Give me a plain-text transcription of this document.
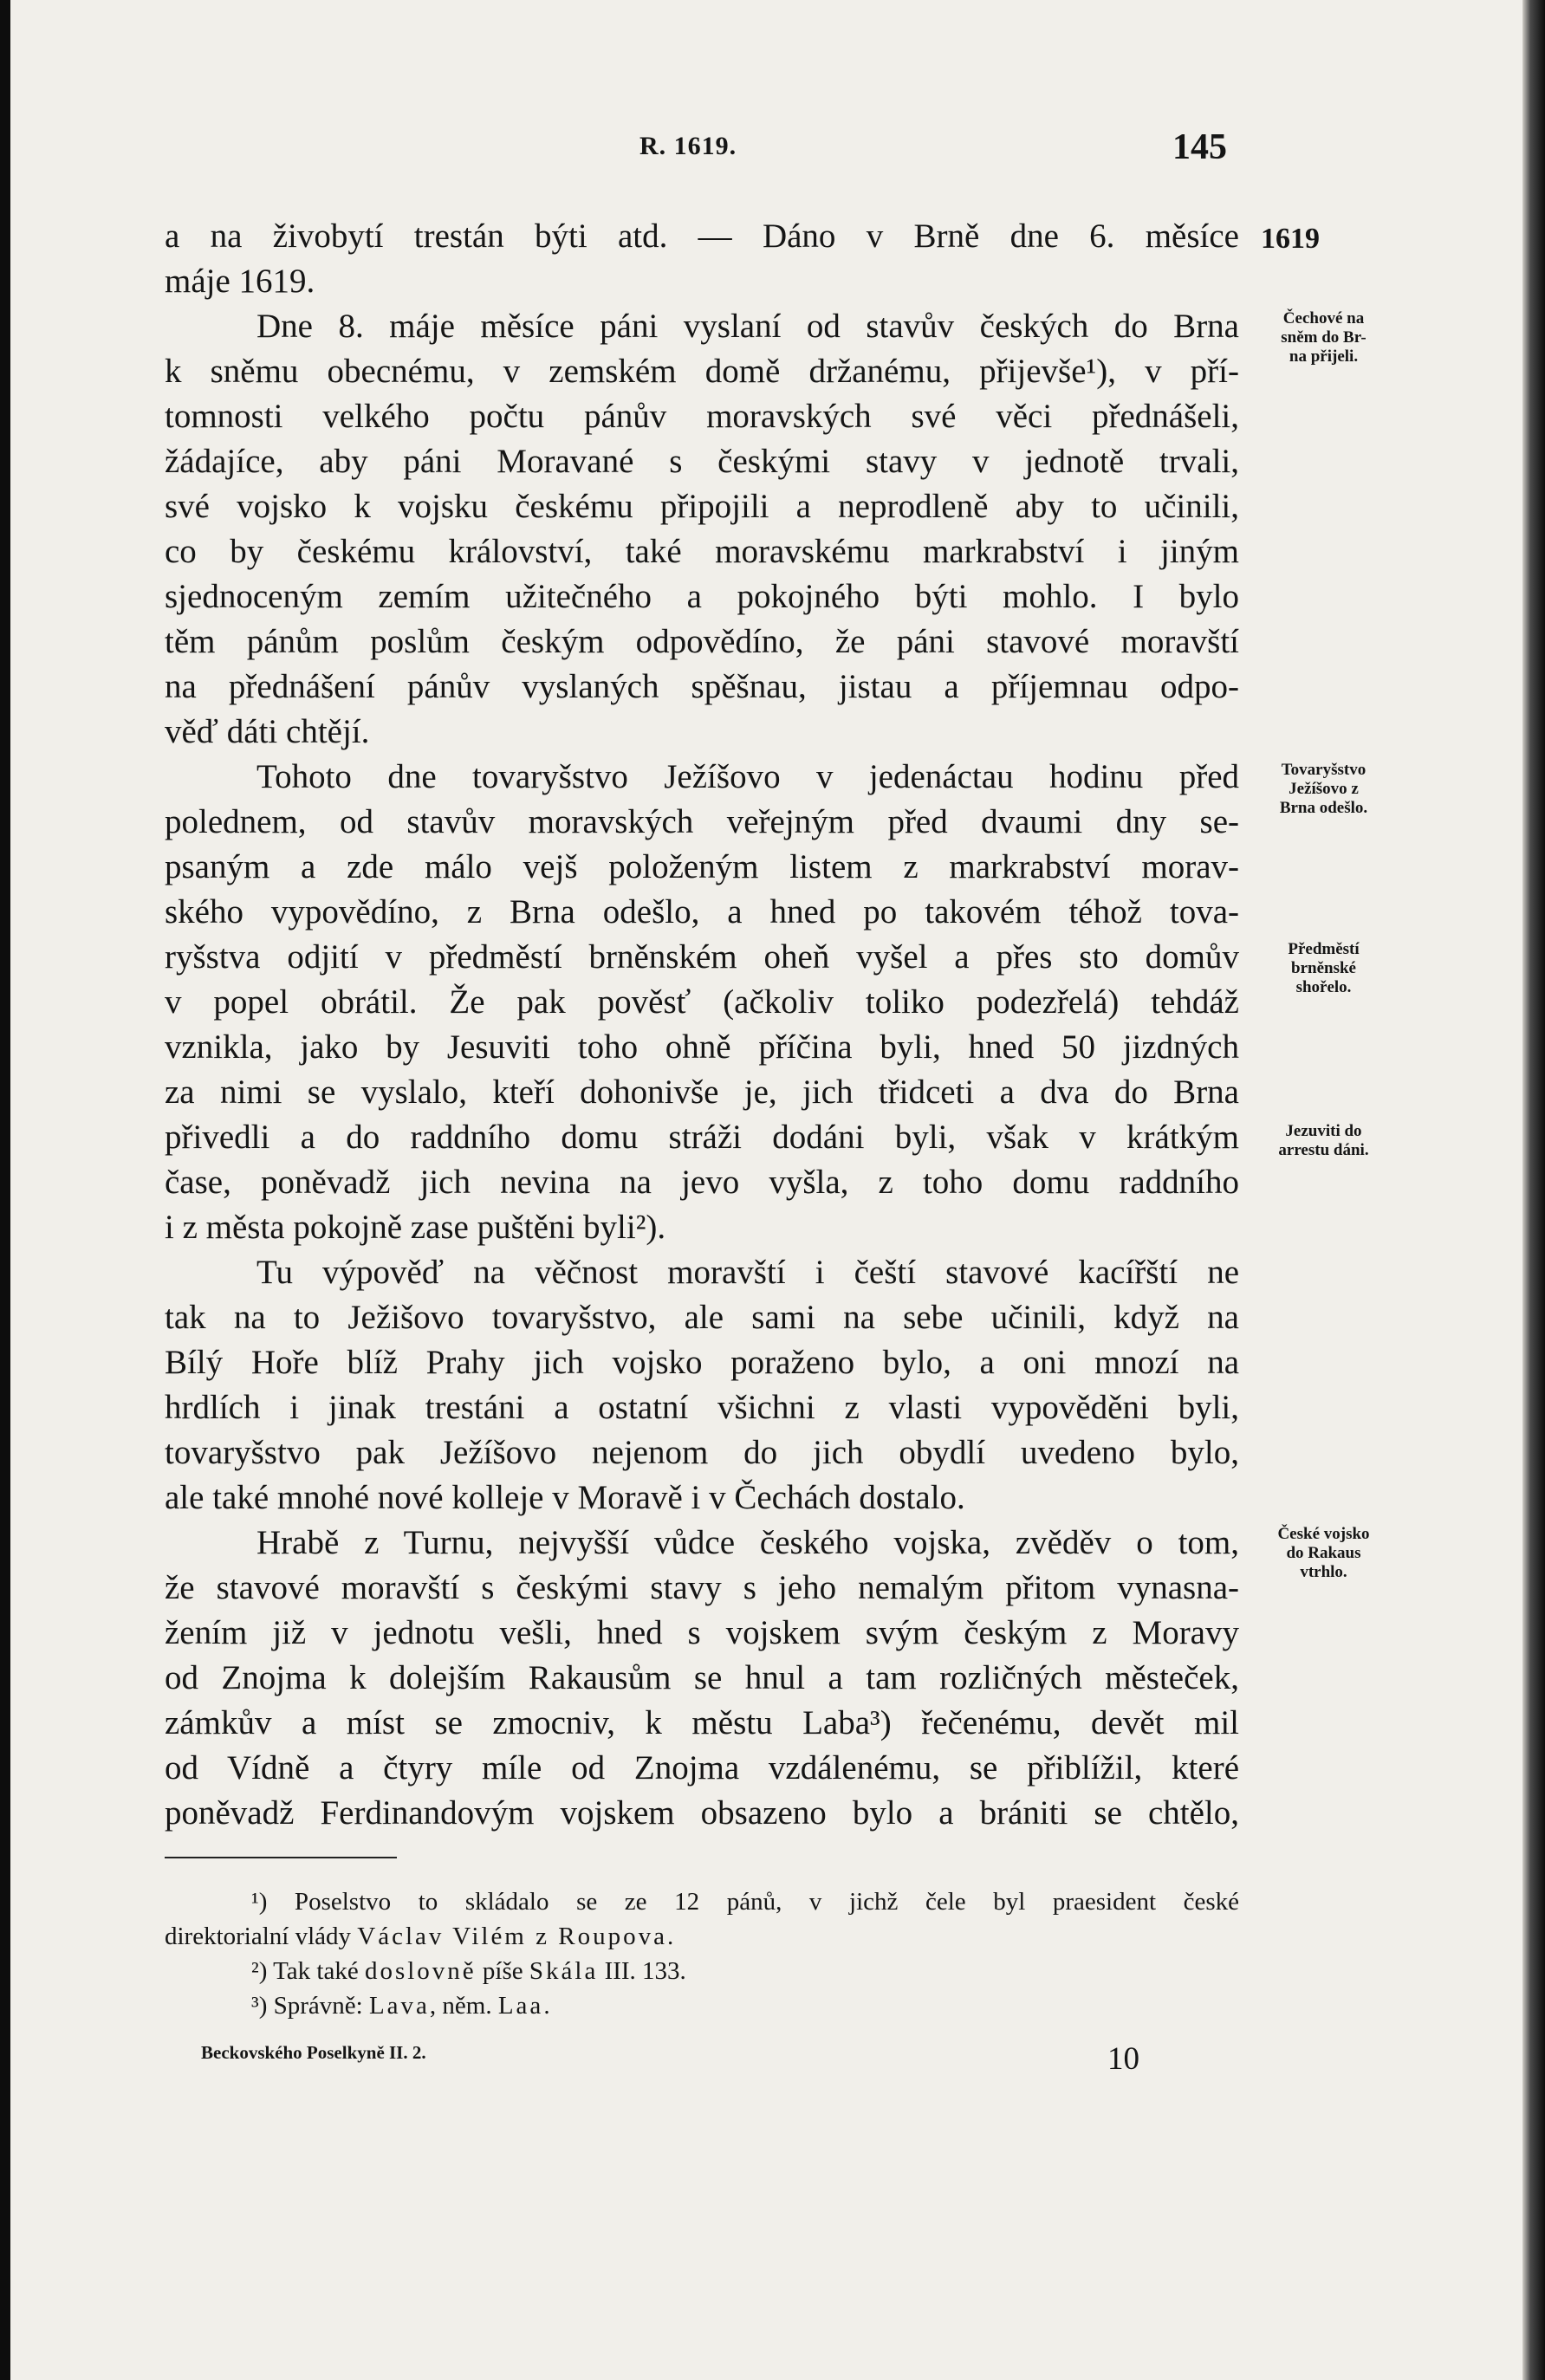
R. 1619.	145
1619
Čechové na
sněm do Br-
na přijeli.
Tovaryšstvo
Ježíšovo z
Brna odešlo.
Předměstí
brněnské
shořelo.
Jezuviti do
arrestu dáni.
České vojsko
do Rakaus
vtrhlo.
a na živobytí trestán býti atd. — Dáno v Brně dne 6. měsíce
máje 1619.
Dne 8. máje měsíce páni vyslaní od stavův českých do Brna
k sněmu obecnému, v zemském domě držanému, přijevše¹), v pří-
tomnosti velkého počtu pánův moravských své věci přednášeli,
žádajíce, aby páni Moravané s českými stavy v jednotě trvali,
své vojsko k vojsku českému připojili a neprodleně aby to učinili,
co by českému království, také moravskému markrabství i jiným
sjednoceným zemím užitečného a pokojného býti mohlo. I bylo
těm pánům poslům českým odpovědíno, že páni stavové moravští
na přednášení pánův vyslaných spěšnau, jistau a příjemnau odpo-
věď dáti chtějí.
Tohoto dne tovaryšstvo Ježíšovo v jedenáctau hodinu před
polednem, od stavův moravských veřejným před dvaumi dny se-
psaným a zde málo vejš položeným listem z markrabství morav-
ského vypovědíno, z Brna odešlo, a hned po takovém téhož tova-
ryšstva odjití v předměstí brněnském oheň vyšel a přes sto domův
v popel obrátil. Že pak pověsť (ačkoliv toliko podezřelá) tehdáž
vznikla, jako by Jesuviti toho ohně příčina byli, hned 50 jizdných
za nimi se vyslalo, kteří dohonivše je, jich třidceti a dva do Brna
přivedli a do raddního domu stráži dodáni byli, však v krátkým
čase, poněvadž jich nevina na jevo vyšla, z toho domu raddního
i z města pokojně zase puštěni byli²).
Tu výpověď na věčnost moravští i čeští stavové kacířští ne
tak na to Ježišovo tovaryšstvo, ale sami na sebe učinili, když na
Bílý Hoře blíž Prahy jich vojsko poraženo bylo, a oni mnozí na
hrdlích i jinak trestáni a ostatní všichni z vlasti vypověděni byli,
tovaryšstvo pak Ježíšovo nejenom do jich obydlí uvedeno bylo,
ale také mnohé nové kolleje v Moravě i v Čechách dostalo.
Hrabě z Turnu, nejvyšší vůdce českého vojska, zvěděv o tom,
že stavové moravští s českými stavy s jeho nemalým přitom vynasna-
žením již v jednotu vešli, hned s vojskem svým českým z Moravy
od Znojma k dolejším Rakausům se hnul a tam rozličných městeček,
zámkův a míst se zmocniv, k městu Laba³) řečenému, devět mil
od Vídně a čtyry míle od Znojma vzdálenému, se přiblížil, které
poněvadž Ferdinandovým vojskem obsazeno bylo a brániti se chtělo,
¹) Poselstvo to skládalo se ze 12 pánů, v jichž čele byl praesident české
direktorialní vlády Václav Vilém z Roupova.
²) Tak také doslovně píše Skála III. 133.
³) Správně: Lava, něm. Laa.
Beckovského Poselkyně II. 2.	10
